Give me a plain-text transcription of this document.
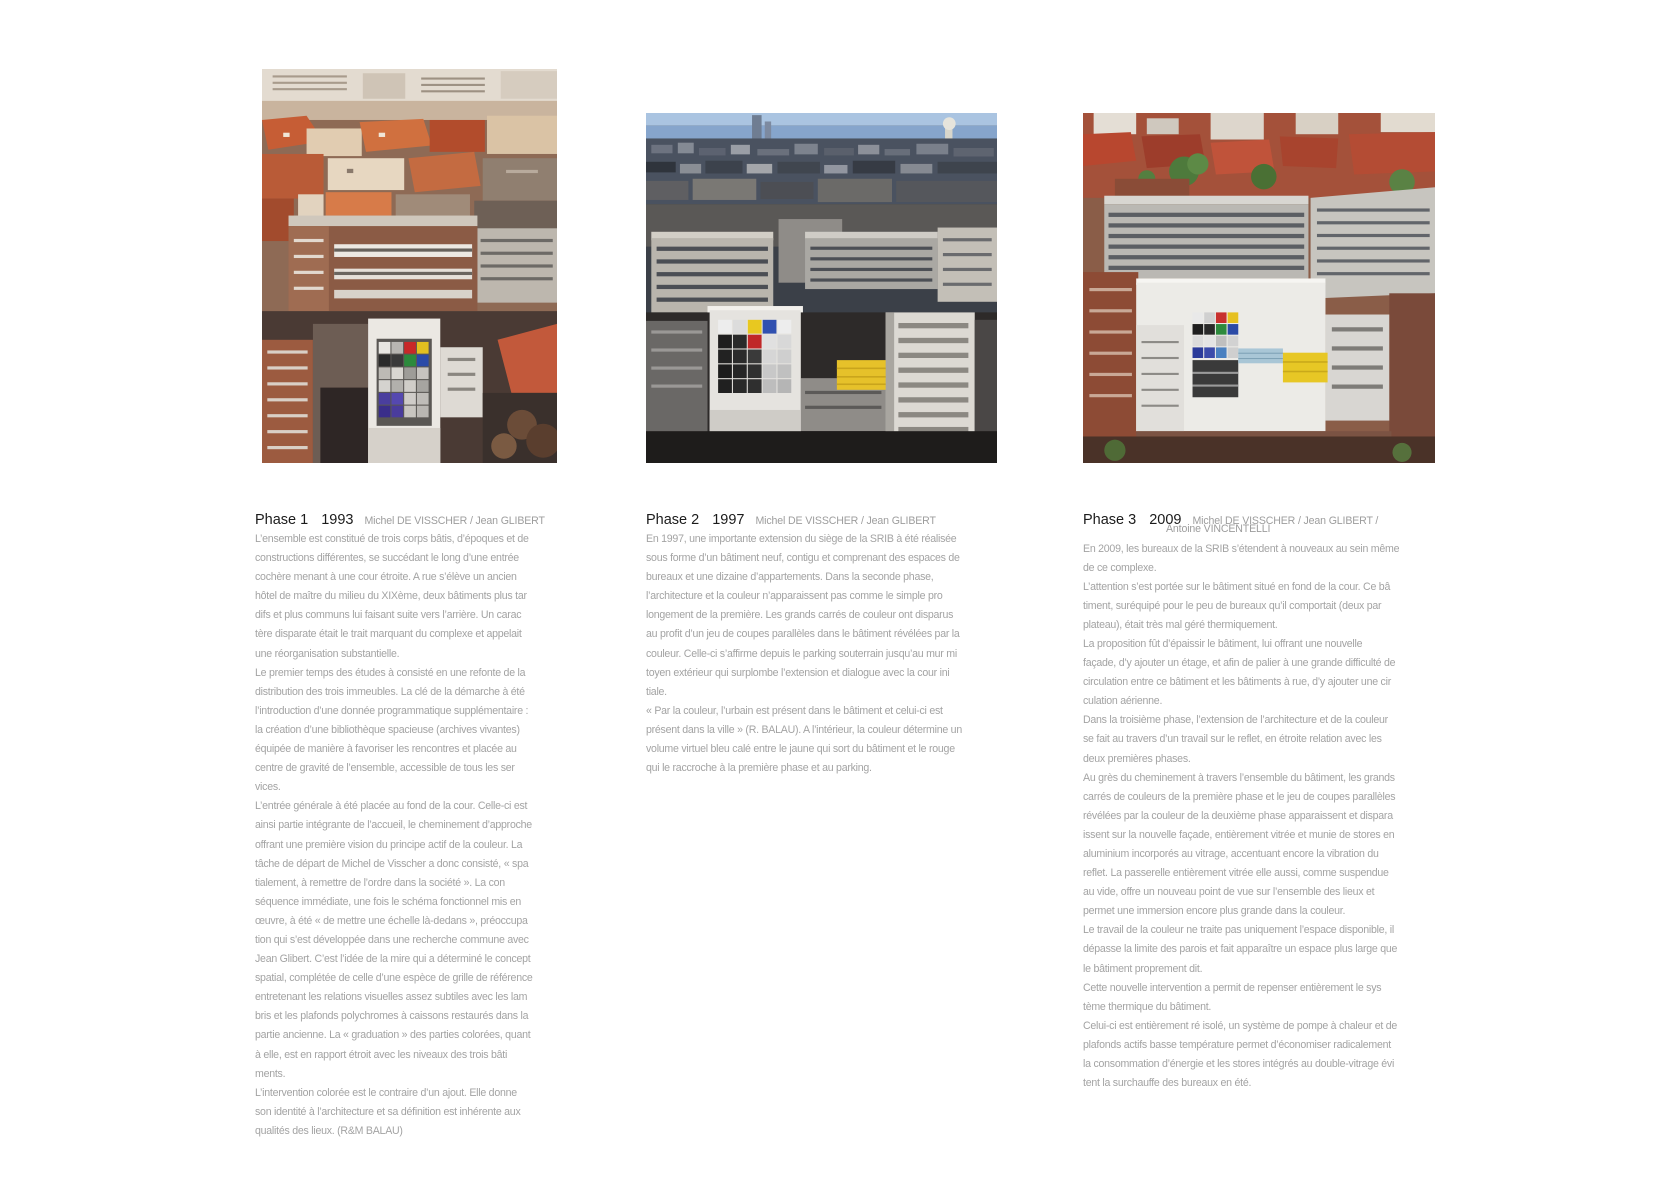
Phase 1 1993 Michel DE VISSCHER / Jean GLIBERT
L’ensemble est constitué de trois corps bâtis, d’époques et de
constructions différentes, se succédant le long d’une entrée
cochère menant à une cour étroite. A rue s’élève un ancien
hôtel de maître du milieu du XIXème, deux bâtiments plus tar
difs et plus communs lui faisant suite vers l’arrière. Un carac
tère disparate était le trait marquant du complexe et appelait
une réorganisation substantielle.
Le premier temps des études à consisté en une refonte de la
distribution des trois immeubles. La clé de la démarche à été
l’introduction d’une donnée programmatique supplémentaire :
la création d’une bibliothèque spacieuse (archives vivantes)
équipée de manière à favoriser les rencontres et placée au
centre de gravité de l’ensemble, accessible de tous les ser
vices.
L’entrée générale à été placée au fond de la cour. Celle-ci est
ainsi partie intégrante de l’accueil, le cheminement d’approche
offrant une première vision du principe actif de la couleur. La
tâche de départ de Michel de Visscher a donc consisté, « spa
tialement, à remettre de l’ordre dans la société ». La con
séquence immédiate, une fois le schéma fonctionnel mis en
œuvre, à été « de mettre une échelle là-dedans », préoccupa
tion qui s’est développée dans une recherche commune avec
Jean Glibert. C’est l’idée de la mire qui a déterminé le concept
spatial, complétée de celle d’une espèce de grille de référence
entretenant les relations visuelles assez subtiles avec les lam
bris et les plafonds polychromes à caissons restaurés dans la
partie ancienne. La « graduation » des parties colorées, quant
à elle, est en rapport étroit avec les niveaux des trois bâti
ments.
L’intervention colorée est le contraire d’un ajout. Elle donne
son identité à l’architecture et sa définition est inhérente aux
qualités des lieux. (R&M BALAU)
Phase 2 1997 Michel DE VISSCHER / Jean GLIBERT
En 1997, une importante extension du siège de la SRIB à été réalisée
sous forme d’un bâtiment neuf, contigu et comprenant des espaces de
bureaux et une dizaine d’appartements. Dans la seconde phase,
l’architecture et la couleur n’apparaissent pas comme le simple pro
longement de la première. Les grands carrés de couleur ont disparus
au profit d’un jeu de coupes parallèles dans le bâtiment révélées par la
couleur. Celle-ci s’affirme depuis le parking souterrain jusqu’au mur mi
toyen extérieur qui surplombe l’extension et dialogue avec la cour ini
tiale.
« Par la couleur, l’urbain est présent dans le bâtiment et celui-ci est
présent dans la ville » (R. BALAU). A l’intérieur, la couleur détermine un
volume virtuel bleu calé entre le jaune qui sort du bâtiment et le rouge
qui le raccroche à la première phase et au parking.
Phase 3 2009 Michel DE VISSCHER / Jean GLIBERT /
Antoine VINCENTELLI
En 2009, les bureaux de la SRIB s’étendent à nouveaux au sein même
de ce complexe.
L’attention s’est portée sur le bâtiment situé en fond de la cour. Ce bâ
timent, suréquipé pour le peu de bureaux qu’il comportait (deux par
plateau), était très mal géré thermiquement.
La proposition fût d’épaissir le bâtiment, lui offrant une nouvelle
façade, d’y ajouter un étage, et afin de palier à une grande difficulté de
circulation entre ce bâtiment et les bâtiments à rue, d’y ajouter une cir
culation aérienne.
Dans la troisième phase, l’extension de l’architecture et de la couleur
se fait au travers d’un travail sur le reflet, en étroite relation avec les
deux premières phases.
Au grès du cheminement à travers l’ensemble du bâtiment, les grands
carrés de couleurs de la première phase et le jeu de coupes parallèles
révélées par la couleur de la deuxième phase apparaissent et dispara
issent sur la nouvelle façade, entièrement vitrée et munie de stores en
aluminium incorporés au vitrage, accentuant encore la vibration du
reflet. La passerelle entièrement vitrée elle aussi, comme suspendue
au vide, offre un nouveau point de vue sur l’ensemble des lieux et
permet une immersion encore plus grande dans la couleur.
Le travail de la couleur ne traite pas uniquement l’espace disponible, il
dépasse la limite des parois et fait apparaître un espace plus large que
le bâtiment proprement dit.
Cette nouvelle intervention a permit de repenser entièrement le sys
tème thermique du bâtiment.
Celui-ci est entièrement ré isolé, un système de pompe à chaleur et de
plafonds actifs basse température permet d’économiser radicalement
la consommation d’énergie et les stores intégrés au double-vitrage évi
tent la surchauffe des bureaux en été.
